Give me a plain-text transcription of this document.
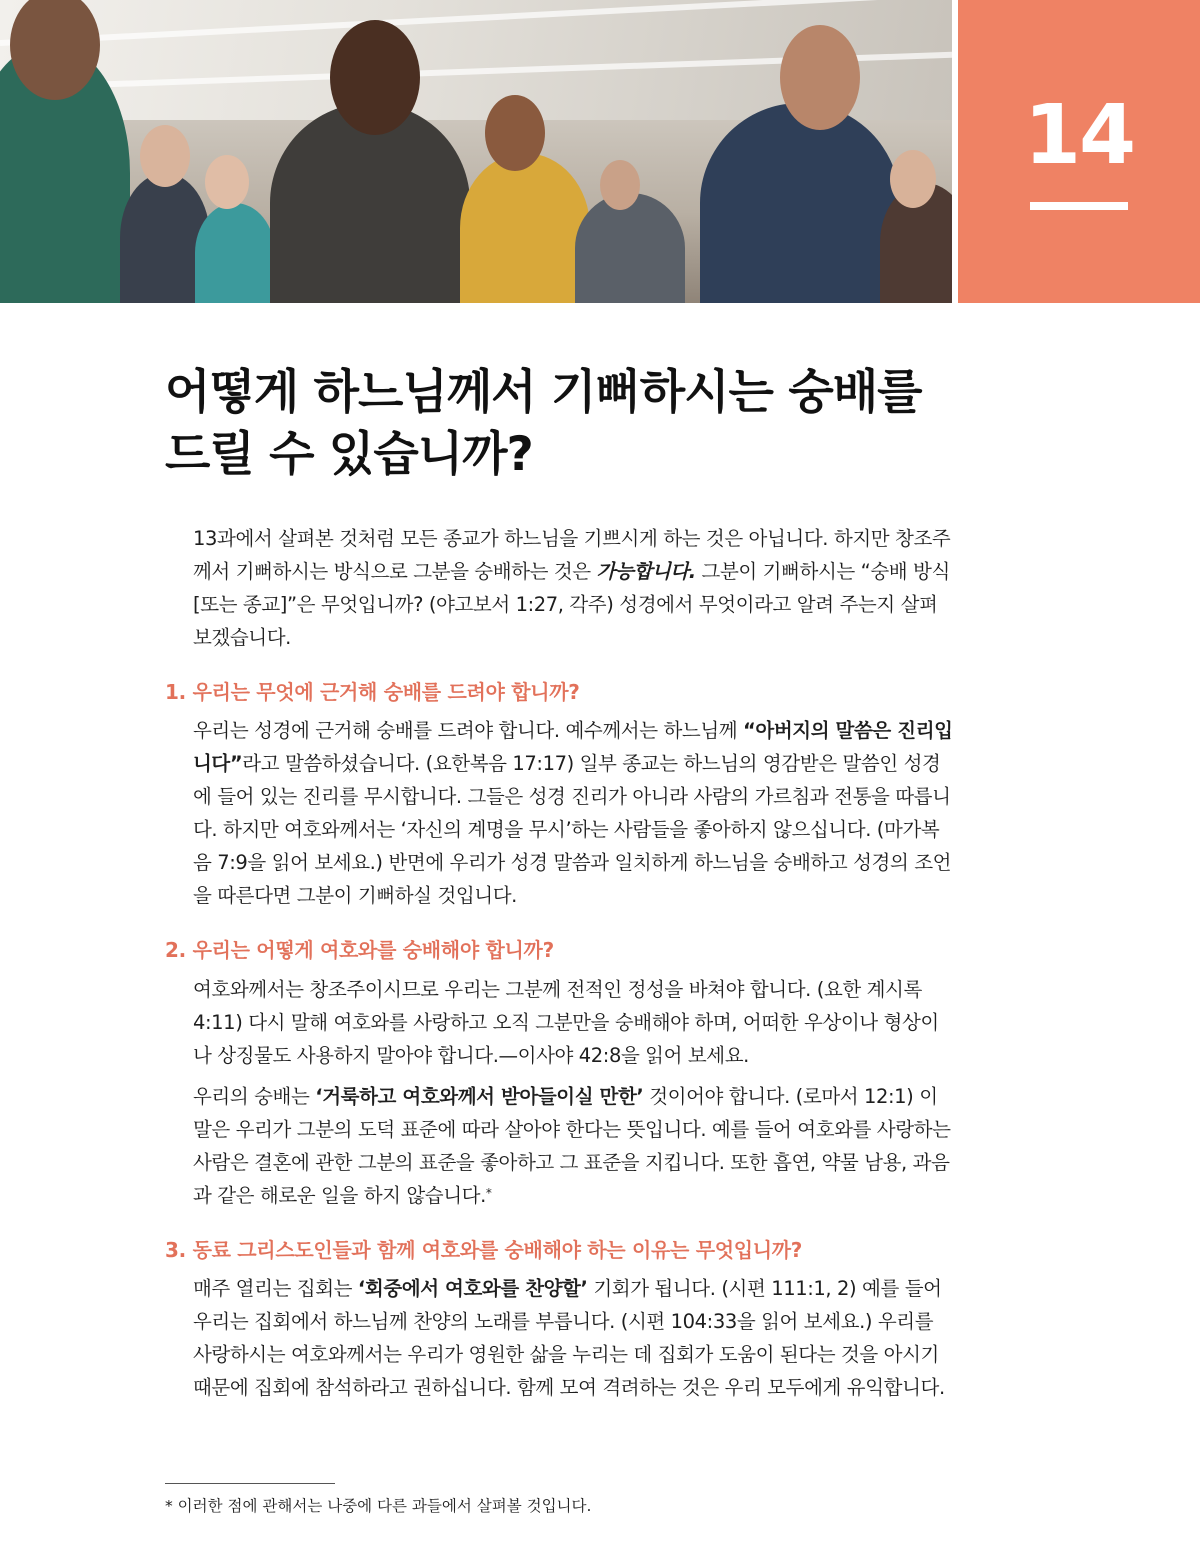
14
어떻게 하느님께서 기뻐하시는 숭배를
드릴 수 있습니까?

13과에서 살펴본 것처럼 모든 종교가 하느님을 기쁘시게 하는 것은 아닙니다. 하지만 창조주께서 기뻐하시는 방식으로 그분을 숭배하는 것은 가능합니다. 그분이 기뻐하시는 “숭배 방식[또는 종교]”은 무엇입니까? (야고보서 1:27, 각주) 성경에서 무엇이라고 알려 주는지 살펴보겠습니다.

1. 우리는 무엇에 근거해 숭배를 드려야 합니까?

우리는 성경에 근거해 숭배를 드려야 합니다. 예수께서는 하느님께 “아버지의 말씀은 진리입니다”라고 말씀하셨습니다. (요한복음 17:17) 일부 종교는 하느님의 영감받은 말씀인 성경에 들어 있는 진리를 무시합니다. 그들은 성경 진리가 아니라 사람의 가르침과 전통을 따릅니다. 하지만 여호와께서는 ‘자신의 계명을 무시’하는 사람들을 좋아하지 않으십니다. (마가복음 7:9을 읽어 보세요.) 반면에 우리가 성경 말씀과 일치하게 하느님을 숭배하고 성경의 조언을 따른다면 그분이 기뻐하실 것입니다.

2. 우리는 어떻게 여호와를 숭배해야 합니까?

여호와께서는 창조주이시므로 우리는 그분께 전적인 정성을 바쳐야 합니다. (요한 계시록 4:11) 다시 말해 여호와를 사랑하고 오직 그분만을 숭배해야 하며, 어떠한 우상이나 형상이나 상징물도 사용하지 말아야 합니다.—이사야 42:8을 읽어 보세요.

우리의 숭배는 ‘거룩하고 여호와께서 받아들이실 만한’ 것이어야 합니다. (로마서 12:1) 이 말은 우리가 그분의 도덕 표준에 따라 살아야 한다는 뜻입니다. 예를 들어 여호와를 사랑하는 사람은 결혼에 관한 그분의 표준을 좋아하고 그 표준을 지킵니다. 또한 흡연, 약물 남용, 과음과 같은 해로운 일을 하지 않습니다.*

3. 동료 그리스도인들과 함께 여호와를 숭배해야 하는 이유는 무엇입니까?

매주 열리는 집회는 ‘회중에서 여호와를 찬양할’ 기회가 됩니다. (시편 111:1, 2) 예를 들어 우리는 집회에서 하느님께 찬양의 노래를 부릅니다. (시편 104:33을 읽어 보세요.) 우리를 사랑하시는 여호와께서는 우리가 영원한 삶을 누리는 데 집회가 도움이 된다는 것을 아시기 때문에 집회에 참석하라고 권하십니다. 함께 모여 격려하는 것은 우리 모두에게 유익합니다.

* 이러한 점에 관해서는 나중에 다른 과들에서 살펴볼 것입니다.
